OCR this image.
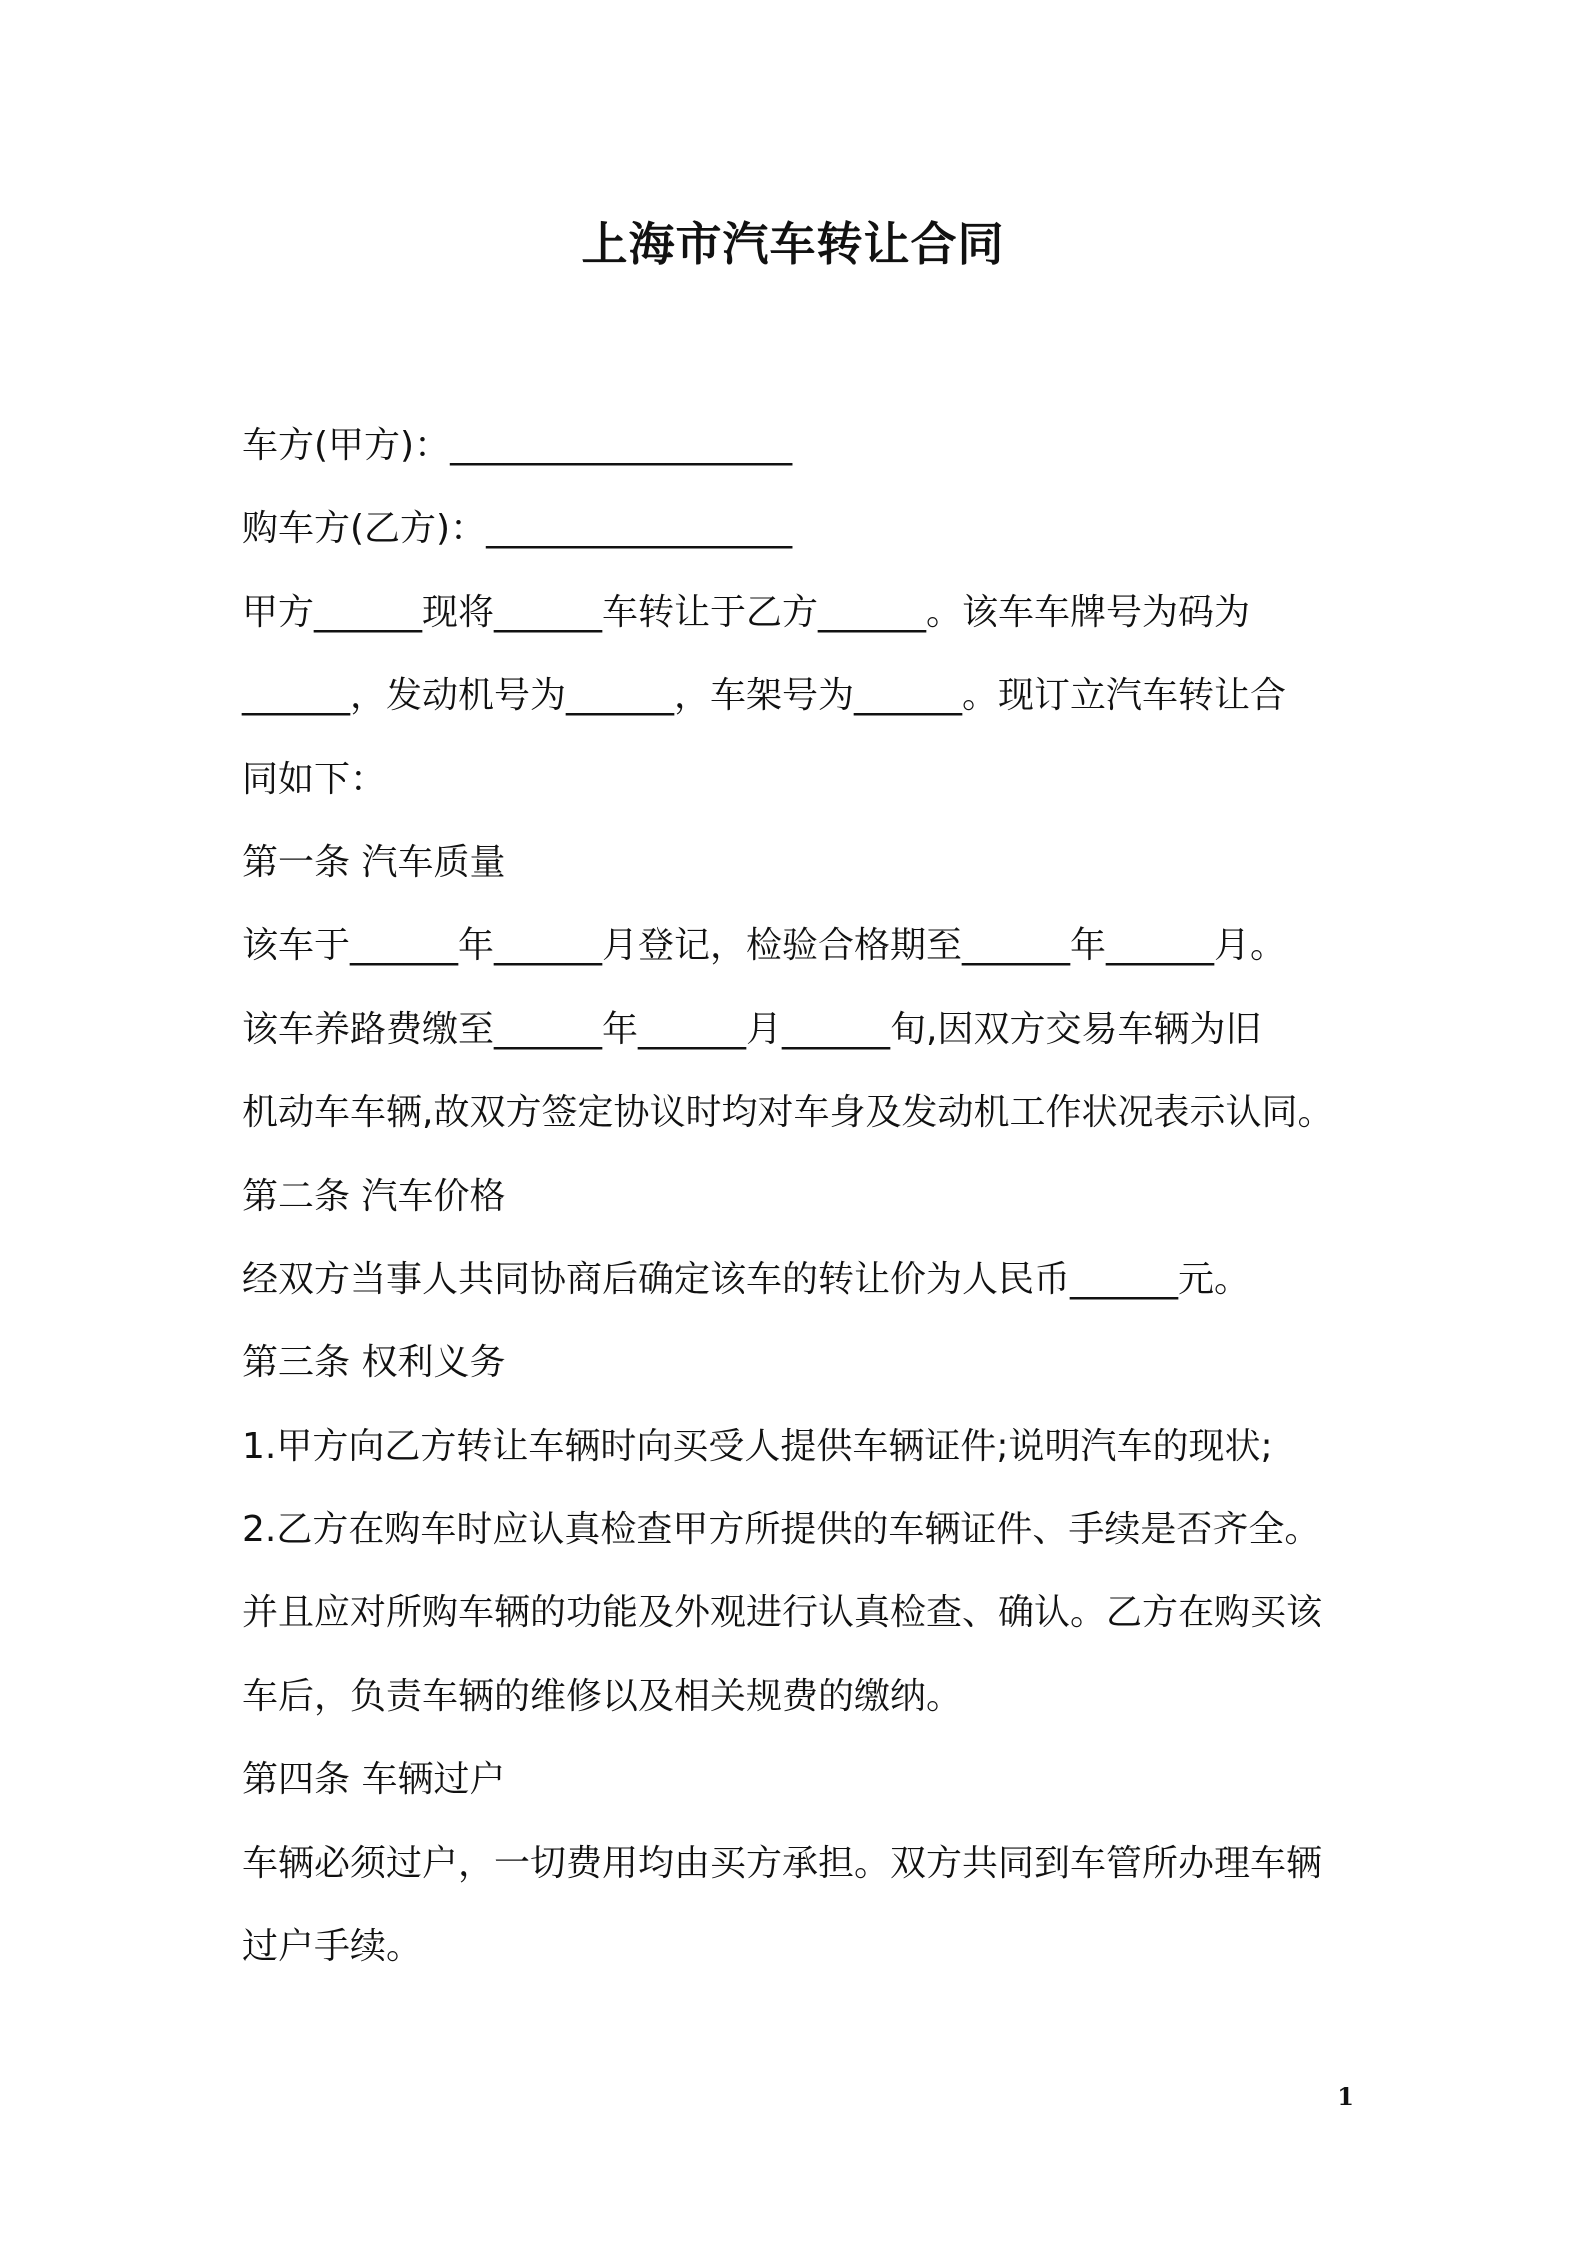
上海市汽车转让合同
车方(甲方)：___________________
购车方(乙方)：_________________
甲方______现将______车转让于乙方______。该车车牌号为码为
______，发动机号为______，车架号为______。现订立汽车转让合
同如下：
第一条 汽车质量
该车于______年______月登记，检验合格期至______年______月。
该车养路费缴至______年______月______旬,因双方交易车辆为旧
机动车车辆,故双方签定协议时均对车身及发动机工作状况表示认同。
第二条 汽车价格
经双方当事人共同协商后确定该车的转让价为人民币______元。
第三条 权利义务
1.甲方向乙方转让车辆时向买受人提供车辆证件;说明汽车的现状;
2.乙方在购车时应认真检查甲方所提供的车辆证件、手续是否齐全。
并且应对所购车辆的功能及外观进行认真检查、确认。乙方在购买该
车后，负责车辆的维修以及相关规费的缴纳。
第四条 车辆过户
车辆必须过户，一切费用均由买方承担。双方共同到车管所办理车辆
过户手续。
1
